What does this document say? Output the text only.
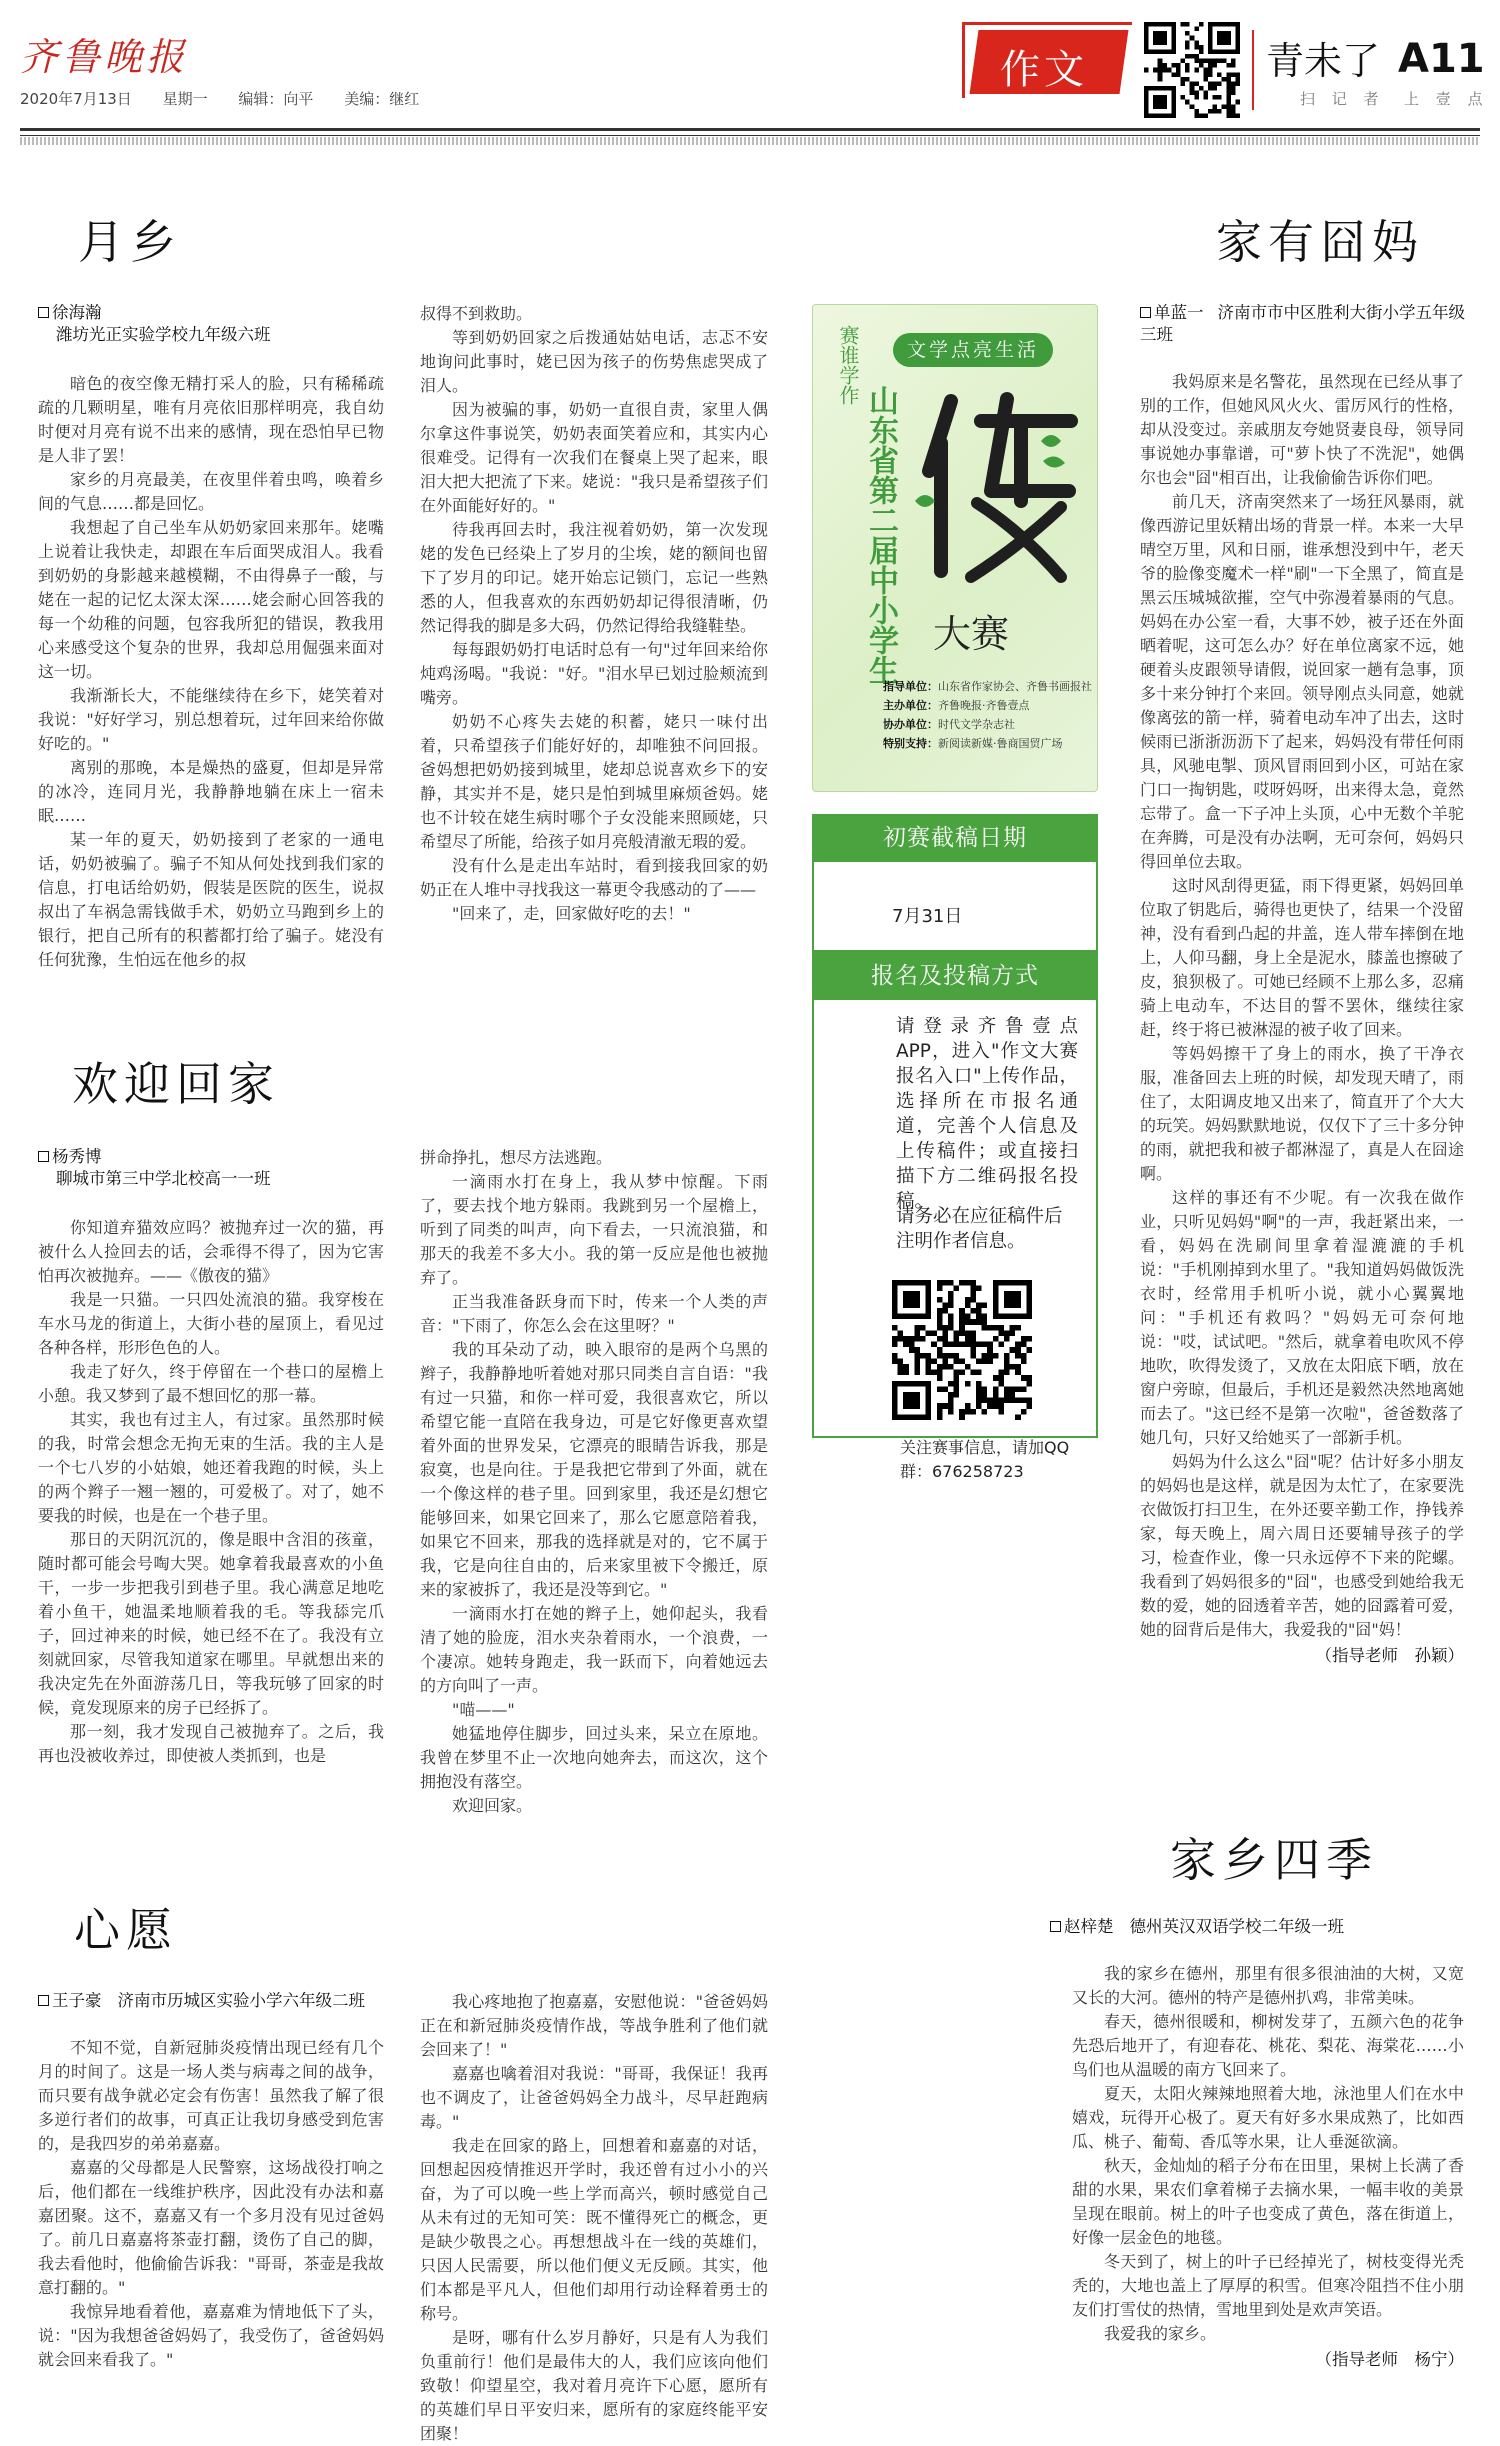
齐鲁晚报
2020年7月13日 星期一 编辑：向平 美编：继红
作文	青未了 A11
扫 记 者 上 壹 点
月乡
徐海瀚
潍坊光正实验学校九年级六班

暗色的夜空像无精打采人的脸，只有稀稀疏疏的几颗明星，唯有月亮依旧那样明亮，我自幼时便对月亮有说不出来的感情，现在恐怕早已物是人非了罢！

家乡的月亮最美，在夜里伴着虫鸣，唤着乡间的气息……都是回忆。

我想起了自己坐车从奶奶家回来那年。姥嘴上说着让我快走，却跟在车后面哭成泪人。我看到奶奶的身影越来越模糊，不由得鼻子一酸，与姥在一起的记忆太深太深……姥会耐心回答我的每一个幼稚的问题，包容我所犯的错误，教我用心来感受这个复杂的世界，我却总用倔强来面对这一切。

我渐渐长大，不能继续待在乡下，姥笑着对我说："好好学习，别总想着玩，过年回来给你做好吃的。"

离别的那晚，本是燥热的盛夏，但却是异常的冰冷，连同月光，我静静地躺在床上一宿未眠……

某一年的夏天，奶奶接到了老家的一通电话，奶奶被骗了。骗子不知从何处找到我们家的信息，打电话给奶奶，假装是医院的医生，说叔叔出了车祸急需钱做手术，奶奶立马跑到乡上的银行，把自己所有的积蓄都打给了骗子。姥没有任何犹豫，生怕远在他乡的叔

叔得不到救助。

等到奶奶回家之后拨通姑姑电话，志忑不安地询问此事时，姥已因为孩子的伤势焦虑哭成了泪人。

因为被骗的事，奶奶一直很自责，家里人偶尔拿这件事说笑，奶奶表面笑着应和，其实内心很难受。记得有一次我们在餐桌上哭了起来，眼泪大把大把流了下来。姥说："我只是希望孩子们在外面能好好的。"

待我再回去时，我注视着奶奶，第一次发现姥的发色已经染上了岁月的尘埃，姥的额间也留下了岁月的印记。姥开始忘记锁门，忘记一些熟悉的人，但我喜欢的东西奶奶却记得很清晰，仍然记得我的脚是多大码，仍然记得给我缝鞋垫。

每每跟奶奶打电话时总有一句"过年回来给你炖鸡汤喝。"我说："好。"泪水早已划过脸颊流到嘴旁。

奶奶不心疼失去姥的积蓄，姥只一味付出着，只希望孩子们能好好的，却唯独不问回报。爸妈想把奶奶接到城里，姥却总说喜欢乡下的安静，其实并不是，姥只是怕到城里麻烦爸妈。姥也不计较在姥生病时哪个子女没能来照顾姥，只希望尽了所能，给孩子如月亮般清澈无瑕的爱。

没有什么是走出车站时，看到接我回家的奶奶正在人堆中寻找我这一幕更令我感动的了——

"回来了，走，回家做好吃的去！"

欢迎回家
杨秀博
聊城市第三中学北校高一一班

你知道弃猫效应吗？被抛弃过一次的猫，再被什么人捡回去的话，会乖得不得了，因为它害怕再次被抛弃。——《傲夜的猫》

我是一只猫。一只四处流浪的猫。我穿梭在车水马龙的街道上，大街小巷的屋顶上，看见过各种各样，形形色色的人。

我走了好久，终于停留在一个巷口的屋檐上小憩。我又梦到了最不想回忆的那一幕。

其实，我也有过主人，有过家。虽然那时候的我，时常会想念无拘无束的生活。我的主人是一个七八岁的小姑娘，她还着我跑的时候，头上的两个辫子一翘一翘的，可爱极了。对了，她不要我的时候，也是在一个巷子里。

那日的天阴沉沉的，像是眼中含泪的孩童，随时都可能会号啕大哭。她拿着我最喜欢的小鱼干，一步一步把我引到巷子里。我心满意足地吃着小鱼干，她温柔地顺着我的毛。等我舔完爪子，回过神来的时候，她已经不在了。我没有立刻就回家，尽管我知道家在哪里。早就想出来的我决定先在外面游荡几日，等我玩够了回家的时候，竟发现原来的房子已经拆了。

那一刻，我才发现自己被抛弃了。之后，我再也没被收养过，即使被人类抓到，也是

拼命挣扎，想尽方法逃跑。

一滴雨水打在身上，我从梦中惊醒。下雨了，要去找个地方躲雨。我跳到另一个屋檐上，听到了同类的叫声，向下看去，一只流浪猫，和那天的我差不多大小。我的第一反应是他也被抛弃了。

正当我准备跃身而下时，传来一个人类的声音："下雨了，你怎么会在这里呀？"

我的耳朵动了动，映入眼帘的是两个乌黑的辫子，我静静地听着她对那只同类自言自语："我有过一只猫，和你一样可爱，我很喜欢它，所以希望它能一直陪在我身边，可是它好像更喜欢望着外面的世界发呆，它漂亮的眼睛告诉我，那是寂寞，也是向往。于是我把它带到了外面，就在一个像这样的巷子里。回到家里，我还是幻想它能够回来，如果它回来了，那么它愿意陪着我，如果它不回来，那我的选择就是对的，它不属于我，它是向往自由的，后来家里被下令搬迁，原来的家被拆了，我还是没等到它。"

一滴雨水打在她的辫子上，她仰起头，我看清了她的脸庞，泪水夹杂着雨水，一个浪费，一个凄凉。她转身跑走，我一跃而下，向着她远去的方向叫了一声。

"喵——"

她猛地停住脚步，回过头来，呆立在原地。我曾在梦里不止一次地向她奔去，而这次，这个拥抱没有落空。

欢迎回家。

心愿
王子豪 济南市历城区实验小学六年级二班

不知不觉，自新冠肺炎疫情出现已经有几个月的时间了。这是一场人类与病毒之间的战争，而只要有战争就必定会有伤害！虽然我了解了很多逆行者们的故事，可真正让我切身感受到危害的，是我四岁的弟弟嘉嘉。

嘉嘉的父母都是人民警察，这场战役打响之后，他们都在一线维护秩序，因此没有办法和嘉嘉团聚。这不，嘉嘉又有一个多月没有见过爸妈了。前几日嘉嘉将茶壶打翻，烫伤了自己的脚，我去看他时，他偷偷告诉我："哥哥，茶壶是我故意打翻的。"

我惊异地看着他，嘉嘉难为情地低下了头，说："因为我想爸爸妈妈了，我受伤了，爸爸妈妈就会回来看我了。"

我心疼地抱了抱嘉嘉，安慰他说："爸爸妈妈正在和新冠肺炎疫情作战，等战争胜利了他们就会回来了！"

嘉嘉也噙着泪对我说："哥哥，我保证！我再也不调皮了，让爸爸妈妈全力战斗，尽早赶跑病毒。"

我走在回家的路上，回想着和嘉嘉的对话，回想起因疫情推迟开学时，我还曾有过小小的兴奋，为了可以晚一些上学而高兴，顿时感觉自己从未有过的无知可笑：既不懂得死亡的概念，更是缺少敬畏之心。再想想战斗在一线的英雄们，只因人民需要，所以他们便义无反顾。其实，他们本都是平凡人，但他们却用行动诠释着勇士的称号。

是呀，哪有什么岁月静好，只是有人为我们负重前行！他们是最伟大的人，我们应该向他们致敬！仰望星空，我对着月亮许下心愿，愿所有的英雄们早日平安归来，愿所有的家庭终能平安团聚！

家有囧妈
单蓝一 济南市市中区胜利大街小学五年级三班

我妈原来是名警花，虽然现在已经从事了别的工作，但她风风火火、雷厉风行的性格，却从没变过。亲戚朋友夸她贤妻良母，领导同事说她办事靠谱，可"萝卜快了不洗泥"，她偶尔也会"囧"相百出，让我偷偷告诉你们吧。

前几天，济南突然来了一场狂风暴雨，就像西游记里妖精出场的背景一样。本来一大早晴空万里，风和日丽，谁承想没到中午，老天爷的脸像变魔术一样"刷"一下全黑了，简直是黑云压城城欲摧，空气中弥漫着暴雨的气息。妈妈在办公室一看，大事不妙，被子还在外面晒着呢，这可怎么办？好在单位离家不远，她硬着头皮跟领导请假，说回家一趟有急事，顶多十来分钟打个来回。领导刚点头同意，她就像离弦的箭一样，骑着电动车冲了出去，这时候雨已浙浙沥沥下了起来，妈妈没有带任何雨具，风驰电掣、顶风冒雨回到小区，可站在家门口一掏钥匙，哎呀妈呀，出来得太急，竟然忘带了。盒一下子冲上头顶，心中无数个羊驼在奔腾，可是没有办法啊，无可奈何，妈妈只得回单位去取。

这时风刮得更猛，雨下得更紧，妈妈回单位取了钥匙后，骑得也更快了，结果一个没留神，没有看到凸起的井盖，连人带车摔倒在地上，人仰马翻，身上全是泥水，膝盖也擦破了皮，狼狈极了。可她已经顾不上那么多，忍痛骑上电动车，不达目的誓不罢休，继续往家赶，终于将已被淋湿的被子收了回来。

等妈妈擦干了身上的雨水，换了干净衣服，准备回去上班的时候，却发现天晴了，雨住了，太阳调皮地又出来了，简直开了个大大的玩笑。妈妈默默地说，仅仅下了三十多分钟的雨，就把我和被子都淋湿了，真是人在囧途啊。

这样的事还有不少呢。有一次我在做作业，只听见妈妈"啊"的一声，我赶紧出来，一看，妈妈在洗刷间里拿着湿漉漉的手机说："手机刚掉到水里了。"我知道妈妈做饭洗衣时，经常用手机听小说，就小心翼翼地问："手机还有救吗？"妈妈无可奈何地说："哎，试试吧。"然后，就拿着电吹风不停地吹，吹得发烫了，又放在太阳底下晒，放在窗户旁晾，但最后，手机还是毅然决然地离她而去了。"这已经不是第一次啦"，爸爸数落了她几句，只好又给她买了一部新手机。

妈妈为什么这么"囧"呢？估计好多小朋友的妈妈也是这样，就是因为太忙了，在家要洗衣做饭打扫卫生，在外还要辛勤工作，挣钱养家，每天晚上，周六周日还要辅导孩子的学习，检查作业，像一只永远停不下来的陀螺。我看到了妈妈很多的"囧"，也感受到她给我无数的爱，她的囧透着辛苦，她的囧露着可爱，她的囧背后是伟大，我爱我的"囧"妈！

（指导老师　孙颖）

家乡四季
赵梓楚 德州英汉双语学校二年级一班

我的家乡在德州，那里有很多很油油的大树，又宽又长的大河。德州的特产是德州扒鸡，非常美味。

春天，德州很暖和，柳树发芽了，五颜六色的花争先恐后地开了，有迎春花、桃花、梨花、海棠花……小鸟们也从温暖的南方飞回来了。

夏天，太阳火辣辣地照着大地，泳池里人们在水中嬉戏，玩得开心极了。夏天有好多水果成熟了，比如西瓜、桃子、葡萄、香瓜等水果，让人垂涎欲滴。

秋天，金灿灿的稻子分布在田里，果树上长满了香甜的水果，果农们拿着梯子去摘水果，一幅丰收的美景呈现在眼前。树上的叶子也变成了黄色，落在街道上，好像一层金色的地毯。

冬天到了，树上的叶子已经掉光了，树枝变得光秃秃的，大地也盖上了厚厚的积雪。但寒冷阻挡不住小朋友们打雪仗的热情，雪地里到处是欢声笑语。

我爱我的家乡。

（指导老师　杨宁）

赛谁学作	文学点亮生活
山东省第二届中小学生 大赛
指导单位：山东省作家协会、齐鲁书画报社
主办单位：齐鲁晚报·齐鲁壹点
协办单位：时代文学杂志社
特别支持：新阅读新媒·鲁商国贸广场
初赛截稿日期
报名及投稿方式
7月31日
请登录齐鲁壹点APP，进入"作文大赛报名入口"上传作品，选择所在市报名通道，完善个人信息及上传稿件；或直接扫描下方二维码报名投稿。
请务必在应征稿件后注明作者信息。
关注赛事信息，请加QQ群：676258723
